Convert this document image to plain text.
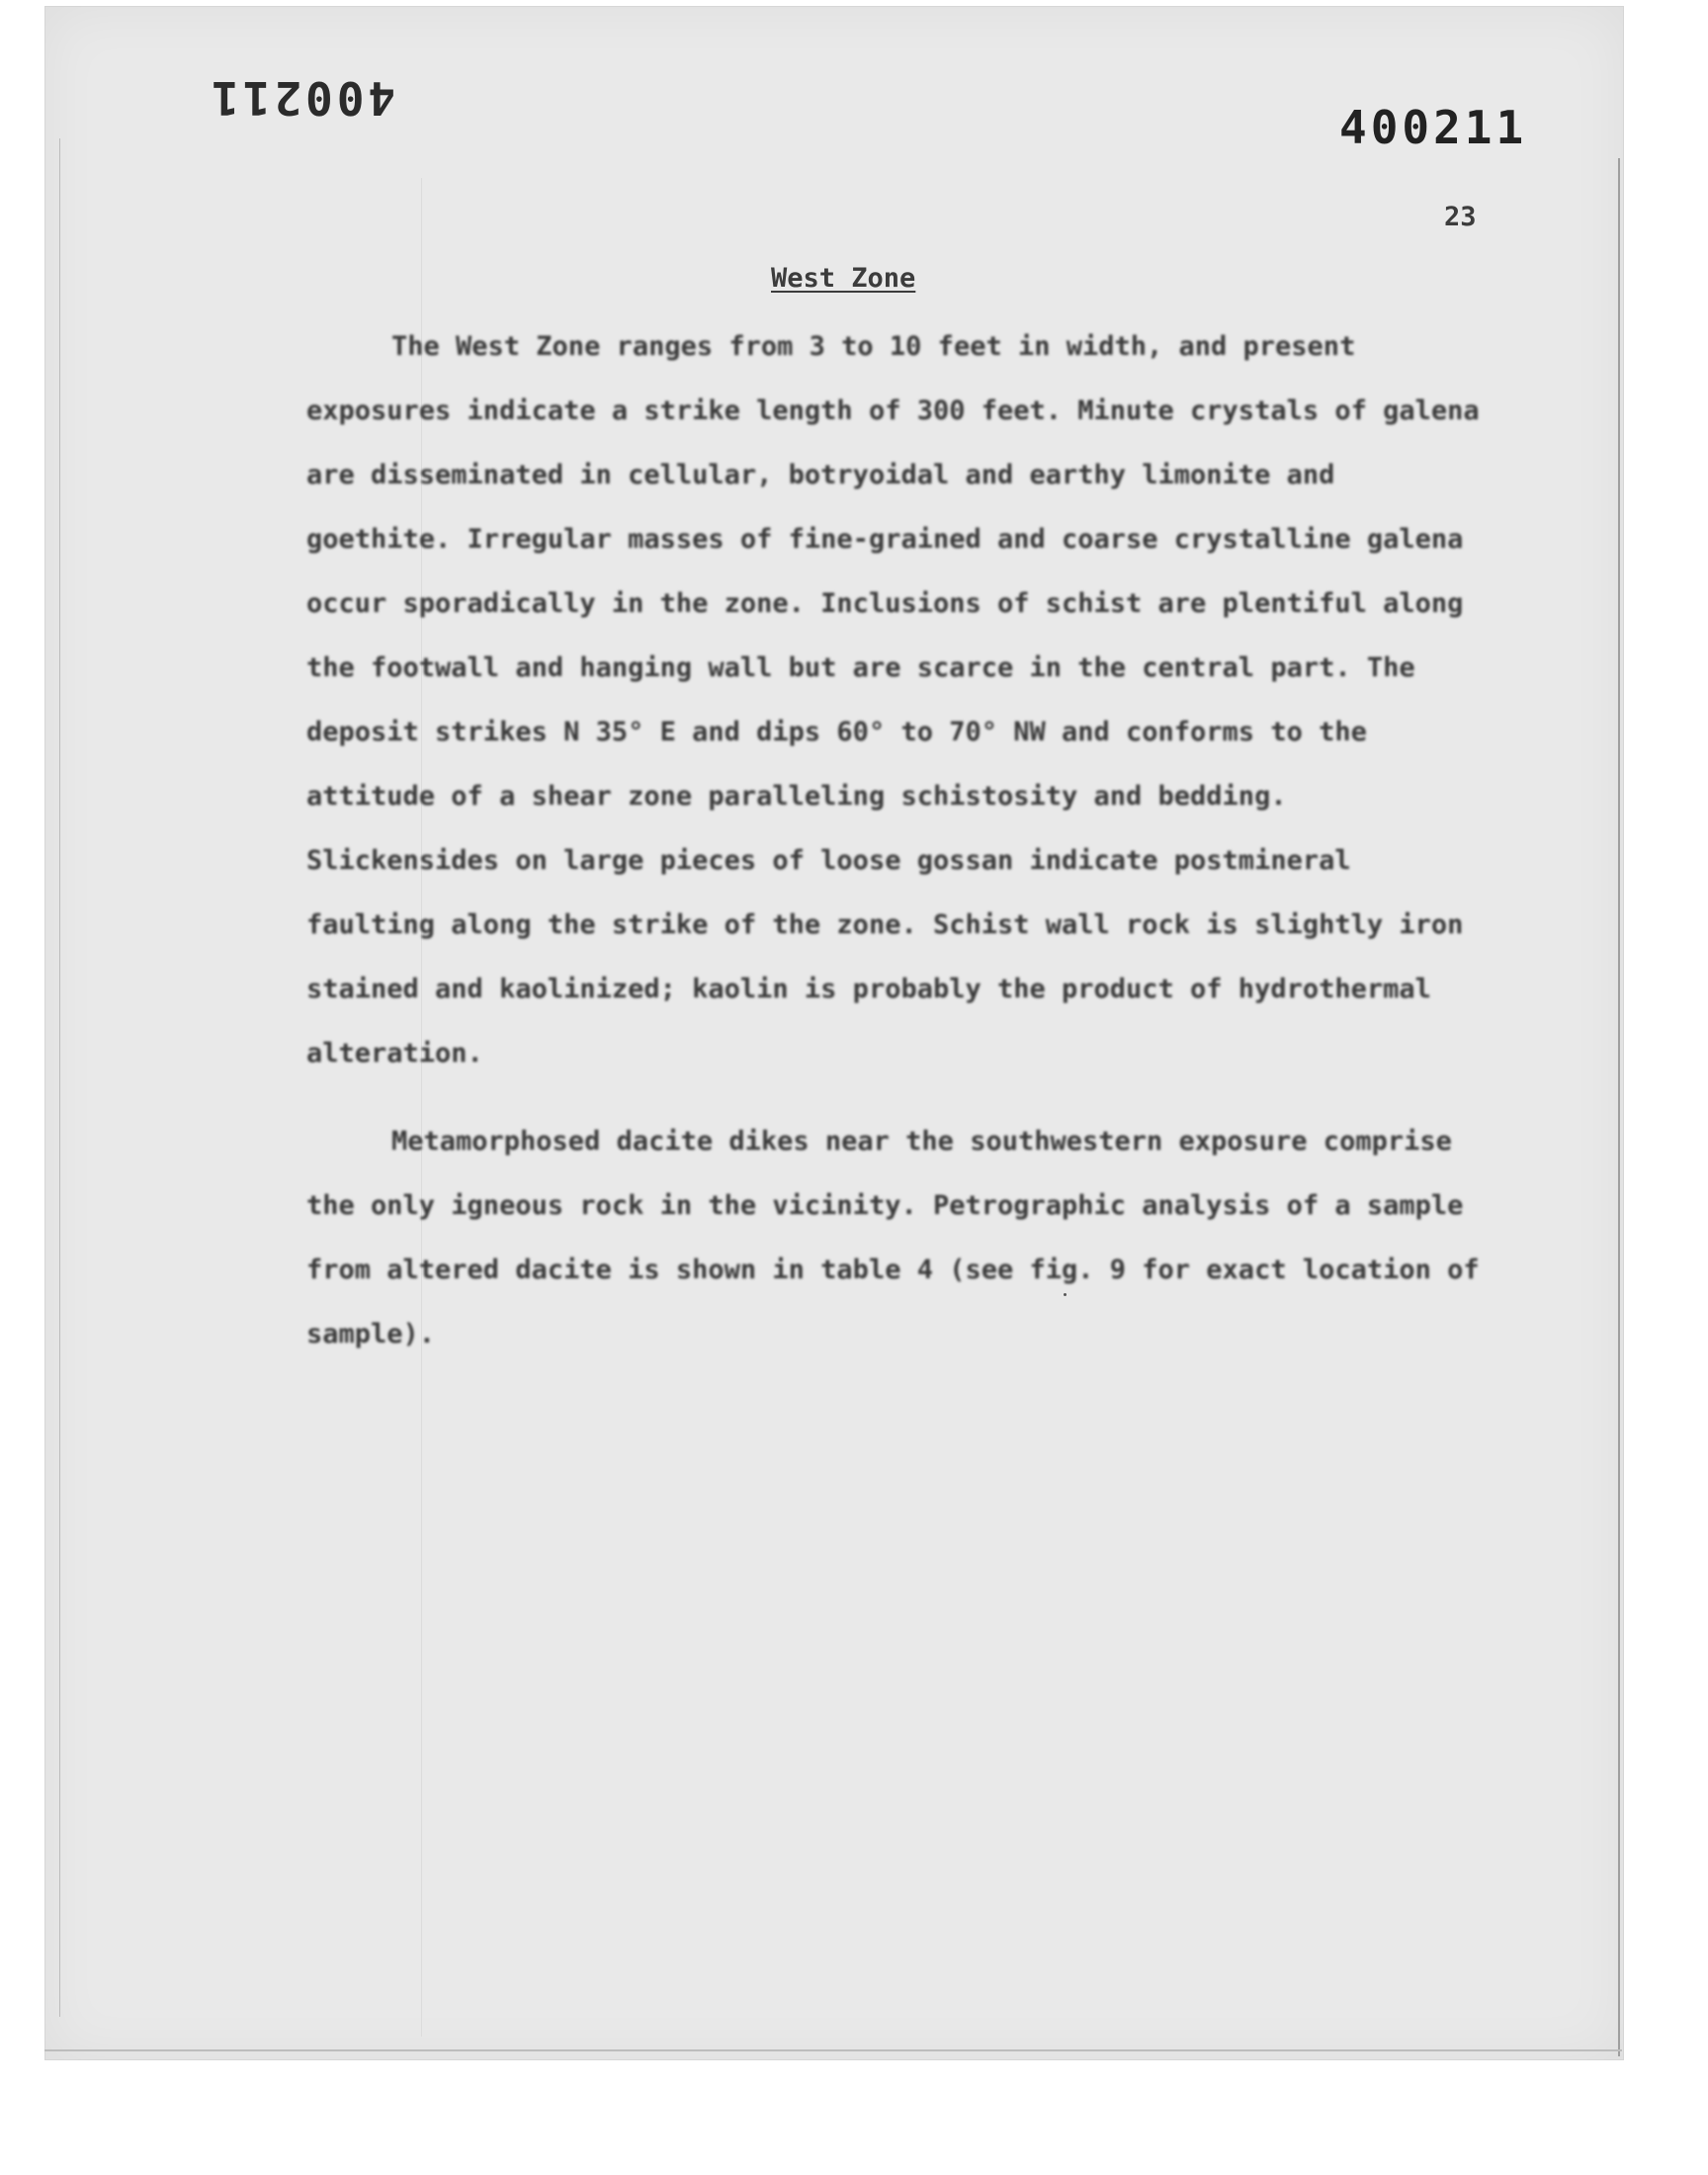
400211
400211
23
West Zone

The West Zone ranges from 3 to 10 feet in width, and present exposures indicate a strike length of 300 feet. Minute crystals of galena are disseminated in cellular, botryoidal and earthy limonite and goethite. Irregular masses of fine-grained and coarse crystalline galena occur sporadically in the zone. Inclusions of schist are plentiful along the footwall and hanging wall but are scarce in the central part. The deposit strikes N 35° E and dips 60° to 70° NW and conforms to the attitude of a shear zone paralleling schistosity and bedding. Slickensides on large pieces of loose gossan indicate postmineral faulting along the strike of the zone. Schist wall rock is slightly iron stained and kaolinized; kaolin is probably the product of hydrothermal alteration.

Metamorphosed dacite dikes near the southwestern exposure comprise the only igneous rock in the vicinity. Petrographic analysis of a sample from altered dacite is shown in table 4 (see fig. 9 for exact location of sample).
